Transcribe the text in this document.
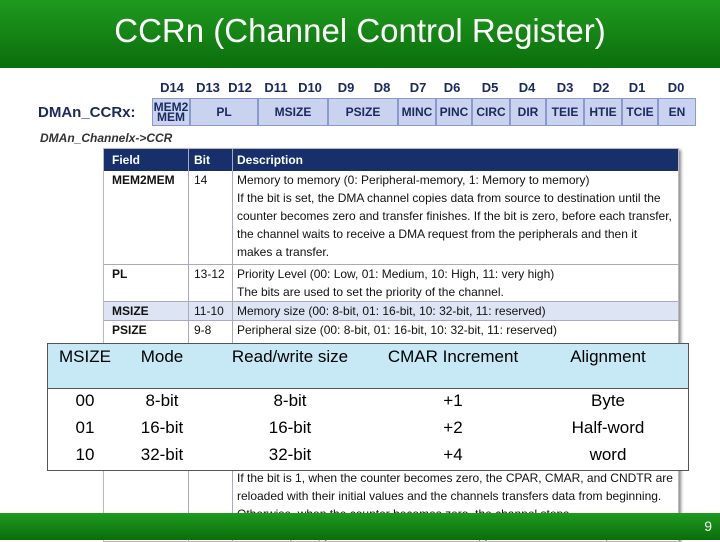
CCRn (Channel Control Register)
D14 D13 D12 D11 D10	D9	D8	D7	D6	D5	D4	D3	D2	D1	D0
DMAn_CCRx: MEM2
MEM	PL	MSIZE	PSIZE	MINC PINC CIRC DIR	TEIE HTIE TCIE	EN
DMAn_Channelx->CCR
Field	Bit Description
MEM2MEM 14 Memory to memory (0: Peripheral-memory, 1: Memory to memory)
If the bit is set, the DMA channel copies data from source to destination until the counter becomes zero and transfer finishes. If the bit is zero, before each transfer, the channel waits to receive a DMA request from the peripherals and then it makes a transfer.
PL	13-12 Priority Level (00: Low, 01: Medium, 10: High, 11: very high)
The bits are used to set the priority of the channel.
MSIZE	11-10 Memory size (00: 8-bit, 01: 16-bit, 10: 32-bit, 11: reserved)
PSIZE	9-8 Peripheral size (00: 8-bit, 01: 16-bit, 10: 32-bit, 11: reserved)
If the bit is 1, when the counter becomes zero, the CPAR, CMAR, and CNDTR are reloaded with their initial values and the channels transfers data from beginning.
MSIZE	Mode	Read/write size	CMAR Increment	Alignment
00	8-bit	8-bit	+1	Byte
01	16-bit	16-bit	+2	Half-word
10	32-bit	32-bit	+4	word
9
